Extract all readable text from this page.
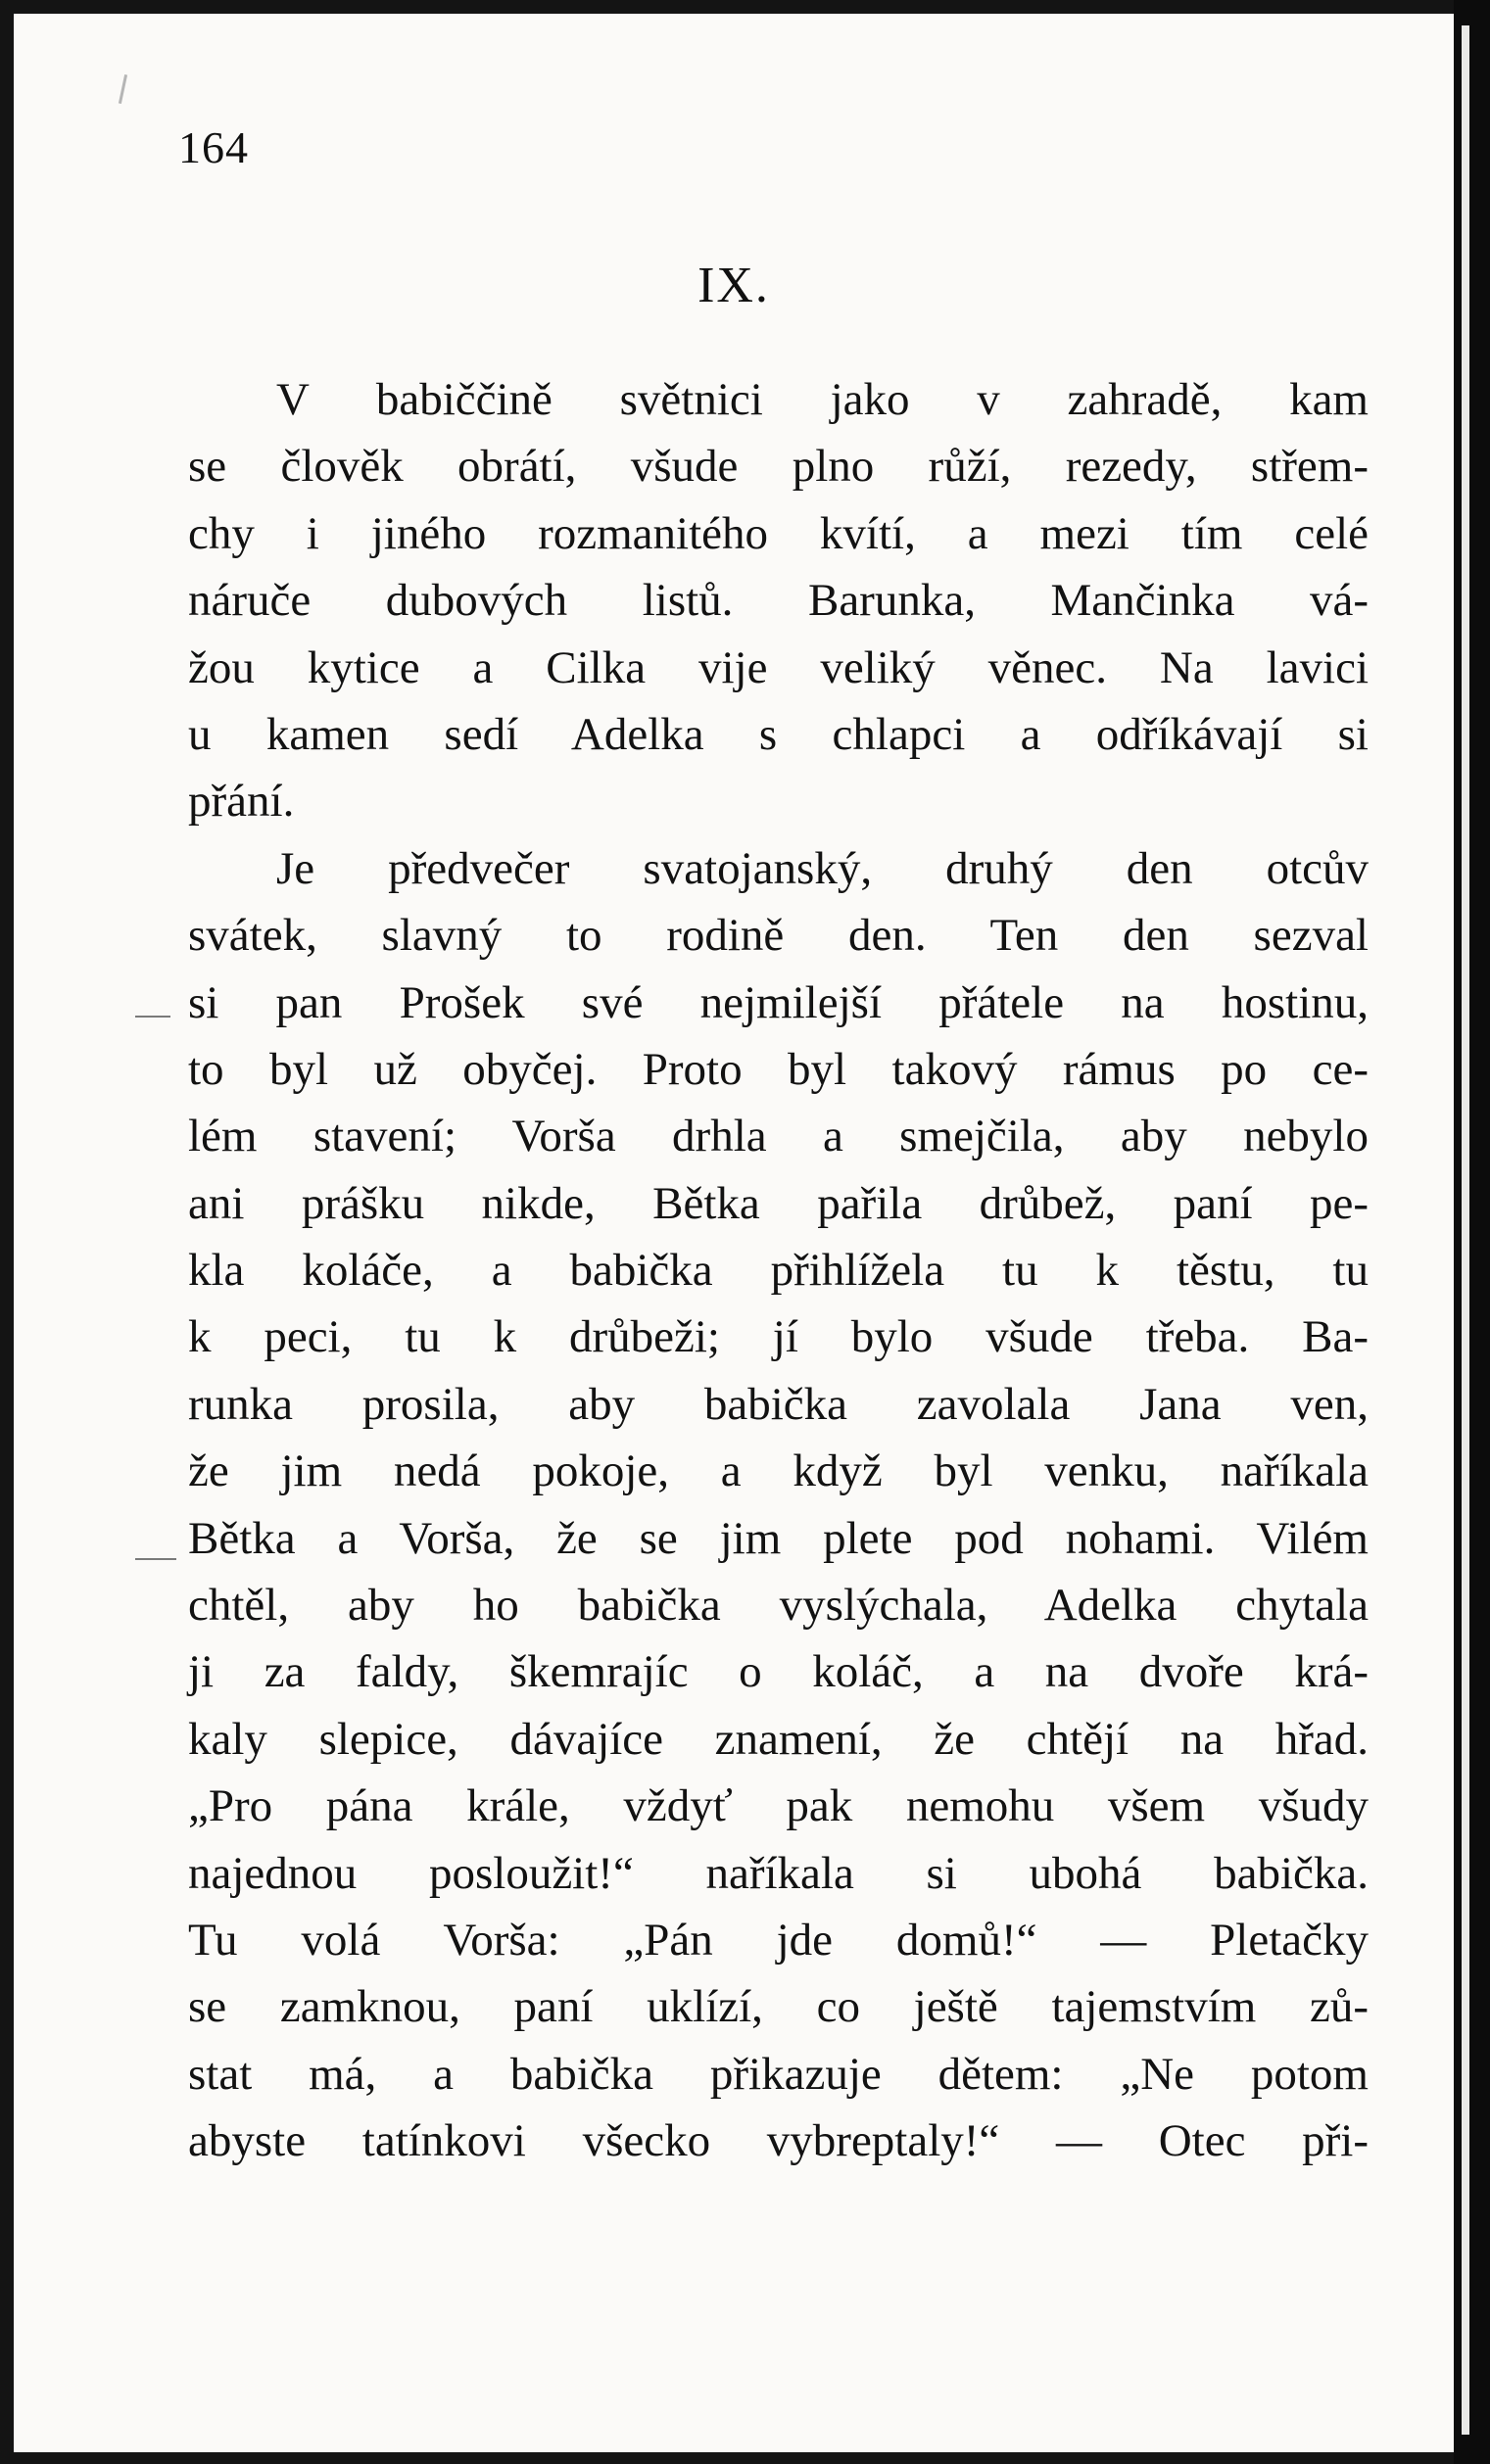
164
IX.
V babiččině světnici jako v zahradě, kam
se člověk obrátí, všude plno růží, rezedy, střem-
chy i jiného rozmanitého kvítí, a mezi tím celé
náruče dubových listů. Barunka, Mančinka vá-
žou kytice a Cilka vije veliký věnec. Na lavici
u kamen sedí Adelka s chlapci a odříkávají si
přání.
Je předvečer svatojanský, druhý den otcův
svátek, slavný to rodině den. Ten den sezval
si pan Prošek své nejmilejší přátele na hostinu,
to byl už obyčej. Proto byl takový rámus po ce-
lém stavení; Vorša drhla a smejčila, aby nebylo
ani prášku nikde, Bětka pařila drůbež, paní pe-
kla koláče, a babička přihlížela tu k těstu, tu
k peci, tu k drůbeži; jí bylo všude třeba. Ba-
runka prosila, aby babička zavolala Jana ven,
že jim nedá pokoje, a když byl venku, naříkala
Bětka a Vorša, že se jim plete pod nohami. Vilém
chtěl, aby ho babička vyslýchala, Adelka chytala
ji za faldy, škemrajíc o koláč, a na dvoře krá-
kaly slepice, dávajíce znamení, že chtějí na hřad.
„Pro pána krále, vždyť pak nemohu všem všudy
najednou posloužit!“ naříkala si ubohá babička.
Tu volá Vorša: „Pán jde domů!“ — Pletačky
se zamknou, paní uklízí, co ještě tajemstvím zů-
stat má, a babička přikazuje dětem: „Ne potom
abyste tatínkovi všecko vybreptaly!“ — Otec při-
